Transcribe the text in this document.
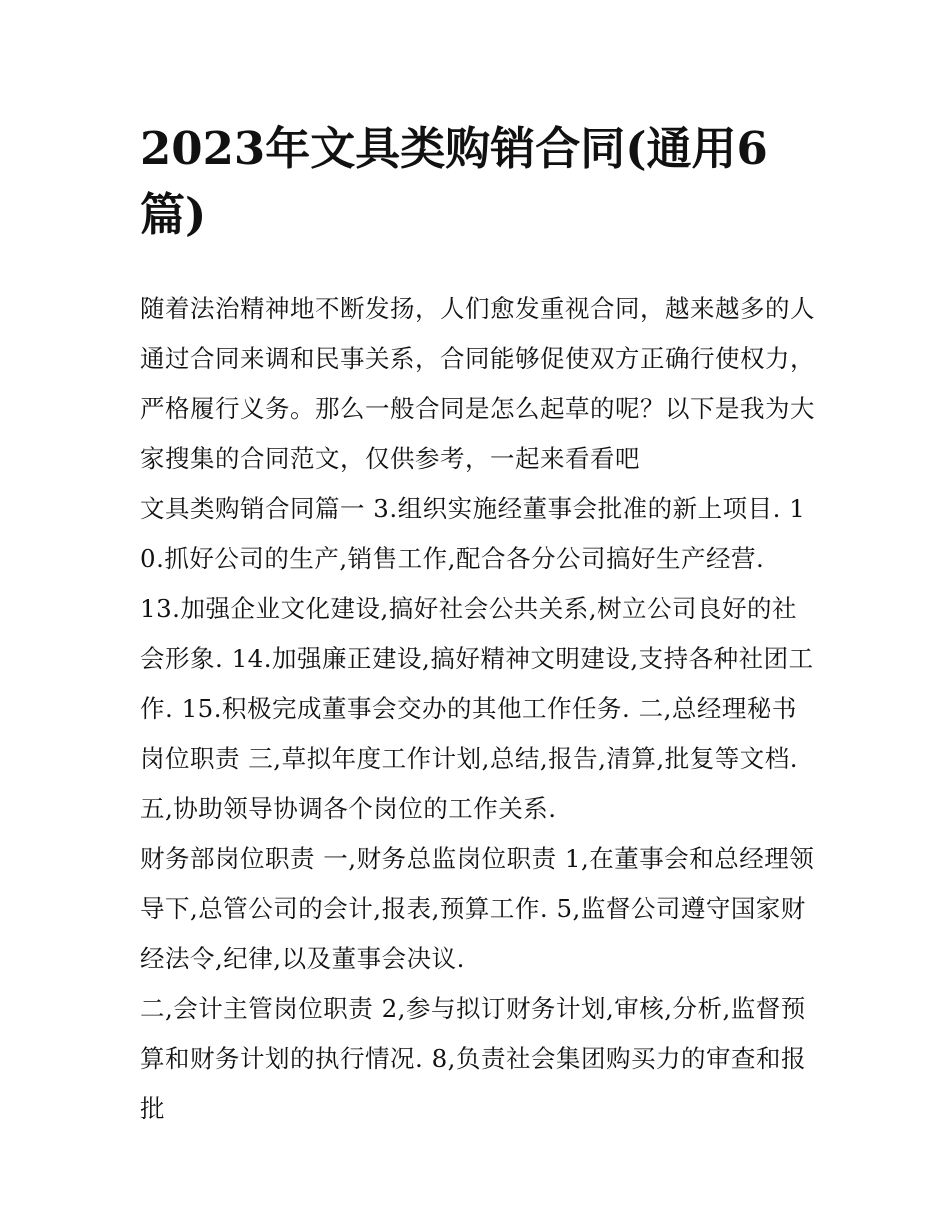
2023年文具类购销合同(通用6篇)

随着法治精神地不断发扬，人们愈发重视合同，越来越多的人通过合同来调和民事关系，合同能够促使双方正确行使权力，严格履行义务。那么一般合同是怎么起草的呢？以下是我为大家搜集的合同范文，仅供参考，一起来看看吧

文具类购销合同篇一 3.组织实施经董事会批准的新上项目. 10.抓好公司的生产,销售工作,配合各分公司搞好生产经营.

13.加强企业文化建设,搞好社会公共关系,树立公司良好的社会形象. 14.加强廉正建设,搞好精神文明建设,支持各种社团工作. 15.积极完成董事会交办的其他工作任务. 二,总经理秘书岗位职责 三,草拟年度工作计划,总结,报告,清算,批复等文档. 五,协助领导协调各个岗位的工作关系.

财务部岗位职责 一,财务总监岗位职责 1,在董事会和总经理领导下,总管公司的会计,报表,预算工作. 5,监督公司遵守国家财经法令,纪律,以及董事会决议.

二,会计主管岗位职责 2,参与拟订财务计划,审核,分析,监督预算和财务计划的执行情况. 8,负责社会集团购买力的审查和报批
